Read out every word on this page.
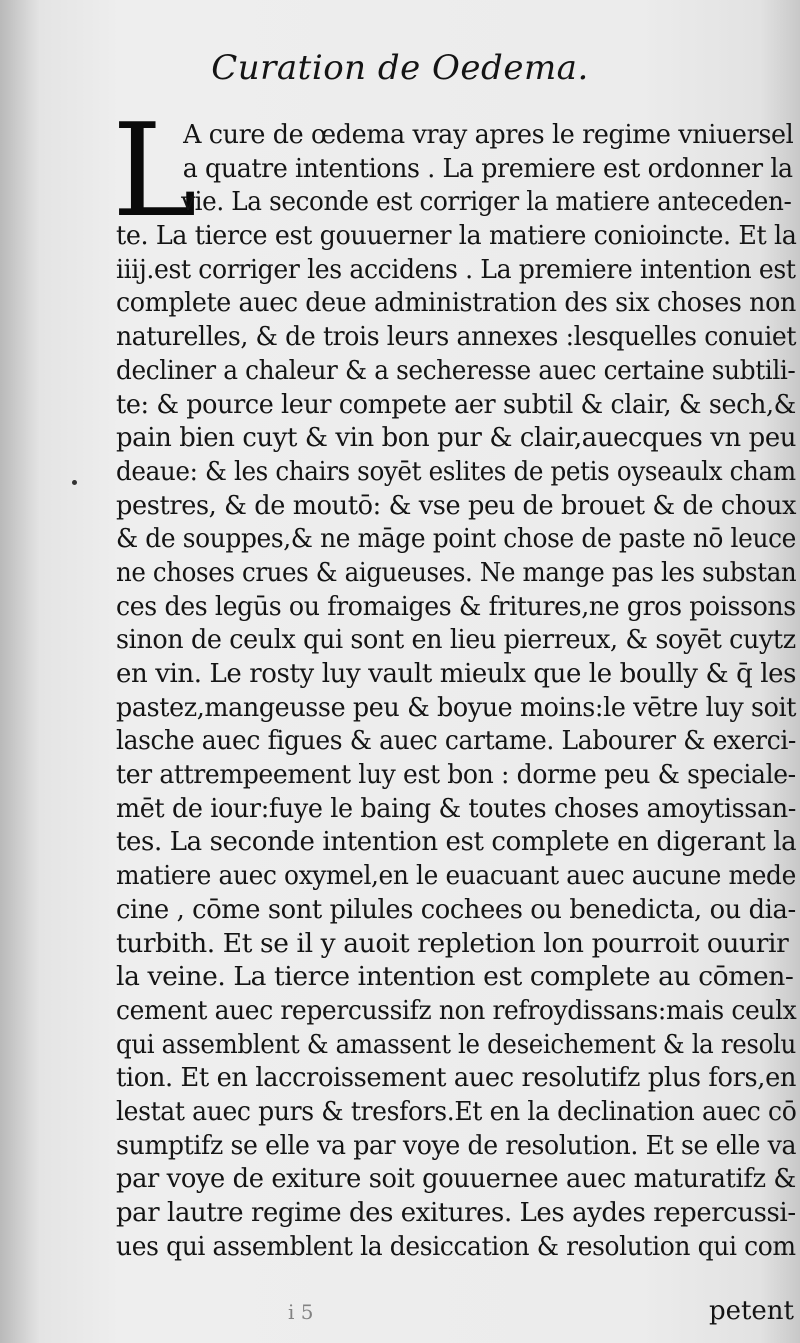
Curation de Oedema.
L
A cure de œdema vray apres le regime vniuersel
a quatre intentions . La premiere est ordonner la
vie. La seconde est corriger la matiere anteceden-
te. La tierce est gouuerner la matiere conioincte. Et la
iiij.est corriger les accidens . La premiere intention est
complete auec deue administration des six choses non
naturelles, & de trois leurs annexes :lesquelles conuiet
decliner a chaleur & a secheresse auec certaine subtili-
te: & pource leur compete aer subtil & clair, & sech,&
pain bien cuyt & vin bon pur & clair,auecques vn peu
deaue: & les chairs soyēt eslites de petis oyseaulx cham
pestres, & de moutō: & vse peu de brouet & de choux
& de souppes,& ne māge point chose de paste nō leuce
ne choses crues & aigueuses. Ne mange pas les substan
ces des legūs ou fromaiges & fritures,ne gros poissons
sinon de ceulx qui sont en lieu pierreux, & soyēt cuytz
en vin. Le rosty luy vault mieulx que le boully & q̄ les
pastez,mangeusse peu & boyue moins:le vētre luy soit
lasche auec figues & auec cartame. Labourer & exerci-
ter attrempeement luy est bon : dorme peu & speciale-
mēt de iour:fuye le baing & toutes choses amoytissan-
tes. La seconde intention est complete en digerant la
matiere auec oxymel,en le euacuant auec aucune mede
cine , cōme sont pilules cochees ou benedicta, ou dia-
turbith. Et se il y auoit repletion lon pourroit ouurir
la veine. La tierce intention est complete au cōmen-
cement auec repercussifz non refroydissans:mais ceulx
qui assemblent & amassent le deseichement & la resolu
tion. Et en laccroissement auec resolutifz plus fors,en
lestat auec purs & tresfors.Et en la declination auec cō
sumptifz se elle va par voye de resolution. Et se elle va
par voye de exiture soit gouuernee auec maturatifz &
par lautre regime des exitures. Les aydes repercussi-
ues qui assemblent la desiccation & resolution qui com
i 5	petent
